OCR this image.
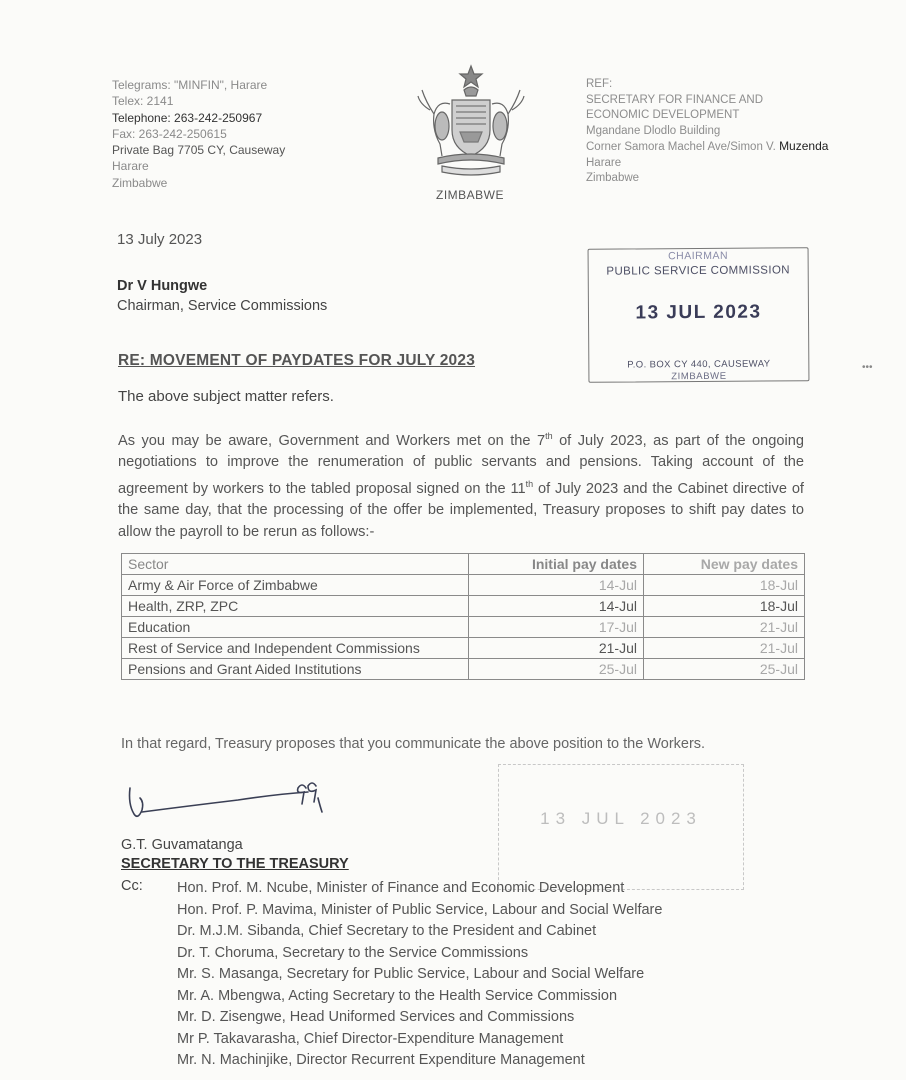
Telegrams: "MINFIN", Harare
Telex: 2141
Telephone: 263-242-250967
Fax: 263-242-250615
Private Bag 7705 CY, Causeway
Harare
Zimbabwe
ZIMBABWE
REF:
SECRETARY FOR FINANCE AND
ECONOMIC DEVELOPMENT
Mgandane Dlodlo Building
Corner Samora Machel Ave/Simon V. Muzenda
Harare
Zimbabwe
13 July 2023
Dr V Hungwe
Chairman, Service Commissions
CHAIRMAN
PUBLIC SERVICE COMMISSION
13 JUL 2023
P.O. BOX CY 440, CAUSEWAY
ZIMBABWE
•••
RE: MOVEMENT OF PAYDATES FOR JULY 2023
The above subject matter refers.
As you may be aware, Government and Workers met on the 7th of July 2023, as part of the ongoing negotiations to improve the renumeration of public servants and pensions. Taking account of the agreement by workers to the tabled proposal signed on the 11th of July 2023 and the Cabinet directive of the same day, that the processing of the offer be implemented, Treasury proposes to shift pay dates to allow the payroll to be rerun as follows:-
Sector	Initial pay dates	New pay dates
Army & Air Force of Zimbabwe	14-Jul	18-Jul
Health, ZRP, ZPC	14-Jul	18-Jul
Education	17-Jul	21-Jul
Rest of Service and Independent Commissions	21-Jul	21-Jul
Pensions and Grant Aided Institutions	25-Jul	25-Jul
In that regard, Treasury proposes that you communicate the above position to the Workers.
13 JUL 2023
G.T. Guvamatanga
SECRETARY TO THE TREASURY
Cc: Hon. Prof. M. Ncube, Minister of Finance and Economic Development
Hon. Prof. P. Mavima, Minister of Public Service, Labour and Social Welfare
Dr. M.J.M. Sibanda, Chief Secretary to the President and Cabinet
Dr. T. Choruma, Secretary to the Service Commissions
Mr. S. Masanga, Secretary for Public Service, Labour and Social Welfare
Mr. A. Mbengwa, Acting Secretary to the Health Service Commission
Mr. D. Zisengwe, Head Uniformed Services and Commissions
Mr P. Takavarasha, Chief Director-Expenditure Management
Mr. N. Machinjike, Director Recurrent Expenditure Management
